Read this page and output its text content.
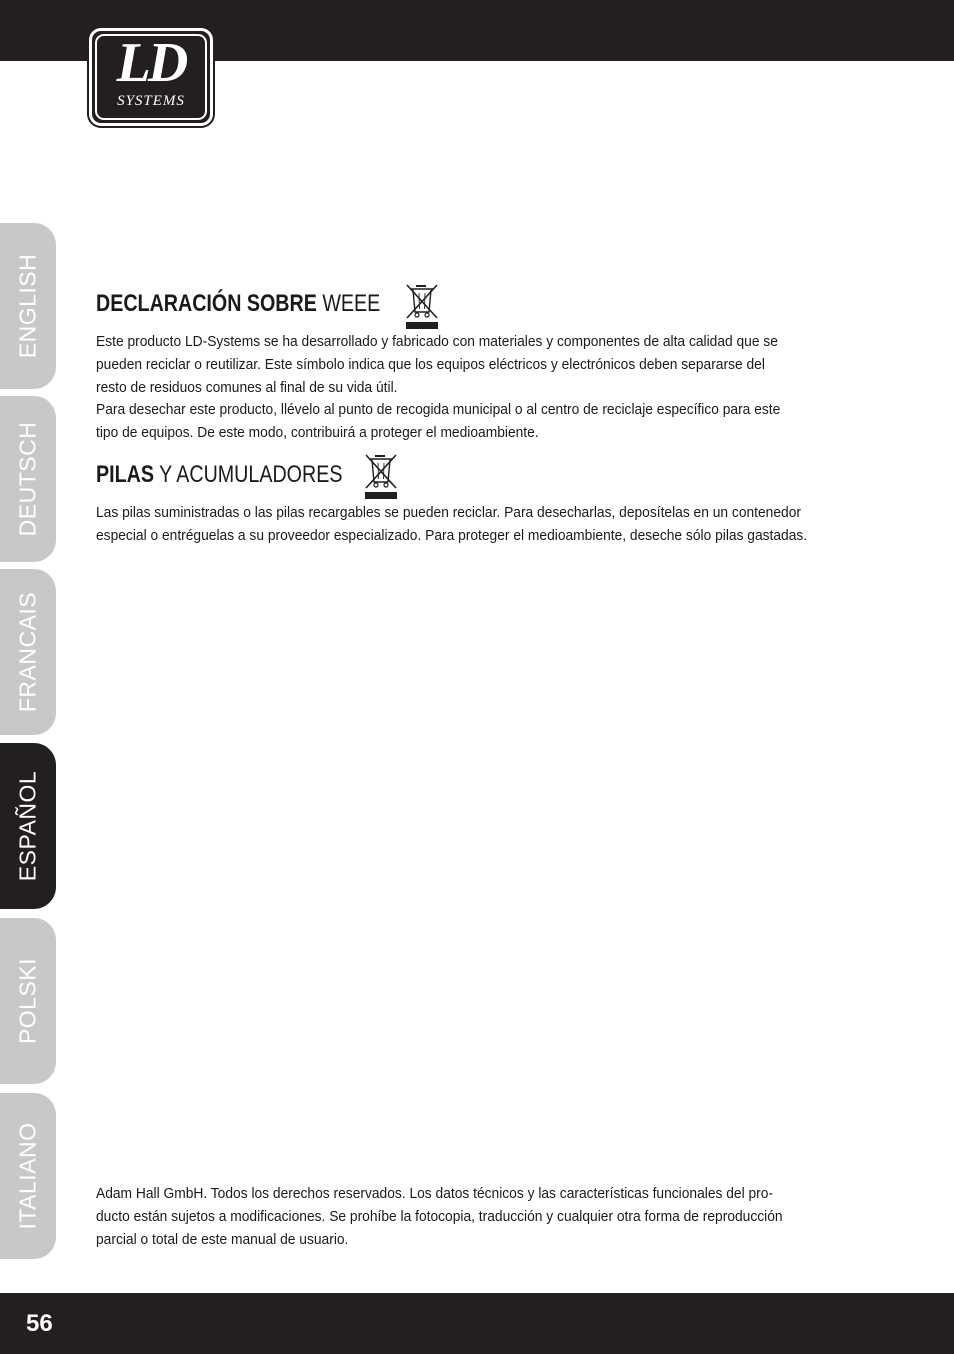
LD
SYSTEMS
ENGLISH
DEUTSCH
FRANCAIS
ESPAÑOL
POLSKI
ITALIANO
DECLARACIÓN SOBRE WEEE

Este producto LD-Systems se ha desarrollado y fabricado con materiales y componentes de alta calidad que se

pueden reciclar o reutilizar. Este símbolo indica que los equipos eléctricos y electrónicos deben separarse del

resto de residuos comunes al final de su vida útil.

Para desechar este producto, llévelo al punto de recogida municipal o al centro de reciclaje específico para este

tipo de equipos. De este modo, contribuirá a proteger el medioambiente.

PILAS Y ACUMULADORES

Las pilas suministradas o las pilas recargables se pueden reciclar. Para desecharlas, deposítelas en un contenedor

especial o entréguelas a su proveedor especializado. Para proteger el medioambiente, deseche sólo pilas gastadas.

Adam Hall GmbH. Todos los derechos reservados. Los datos técnicos y las características funcionales del pro-

ducto están sujetos a modificaciones. Se prohíbe la fotocopia, traducción y cualquier otra forma de reproducción

parcial o total de este manual de usuario.

56
